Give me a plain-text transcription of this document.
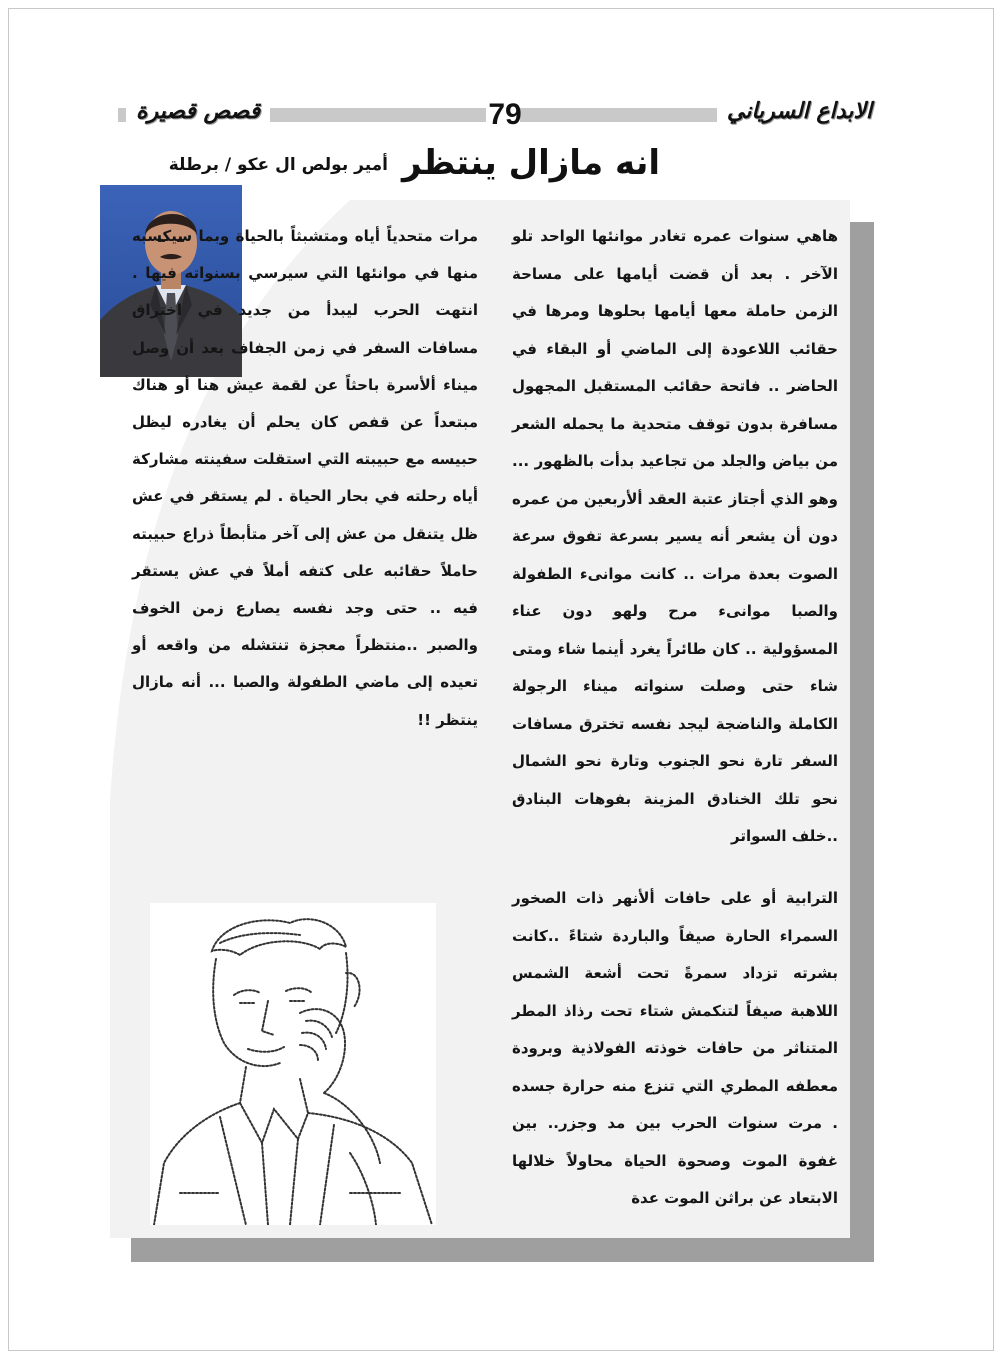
الابداع السرياني
قصص قصيرة	79
انه مازال ينتظر
أمير بولص ال عكو / برطلة

هاهي سنوات عمره تغادر موانئها الواحد تلو الآخر . بعد أن قضت أيامها على مساحة الزمن حاملة معها أيامها بحلوها ومرها في حقائب اللاعودة إلى الماضي أو البقاء في الحاضر .. فاتحة حقائب المستقبل المجهول مسافرة بدون توقف متحدية ما يحمله الشعر من بياض والجلد من تجاعيد بدأت بالظهور ... وهو الذي أجتاز عتبة العقد ألأربعين من عمره دون أن يشعر أنه يسير بسرعة تفوق سرعة الصوت بعدة مرات .. كانت موانىء الطفولة والصبا موانىء مرح ولهو دون عناء المسؤولية .. كان طائراً يغرد أينما شاء ومتى شاء حتى وصلت سنواته ميناء الرجولة الكاملة والناضجة ليجد نفسه تخترق مسافات السفر تارة نحو الجنوب وتارة نحو الشمال نحو تلك الخنادق المزينة بفوهات البنادق ..خلف السواتر

الترابية أو على حافات ألأنهر ذات الصخور السمراء الحارة صيفاً والباردة شتاءً ..كانت بشرته تزداد سمرةً تحت أشعة الشمس اللاهبة صيفاً لتنكمش شتاء تحت رذاذ المطر المتناثر من حافات خوذته الفولاذية وبرودة معطفه المطري التي تنزع منه حرارة جسده . مرت سنوات الحرب بين مد وجزر.. بين غفوة الموت وصحوة الحياة محاولاً خلالها الابتعاد عن براثن الموت عدة

مرات متحدياً أياه ومتشبثاً بالحياة وبما سيكسبه منها في موانئها التي سيرسي بسنواته فيها . انتهت الحرب ليبدأ من جديد في اختراق مسافات السفر في زمن الجفاف بعد أن وصل ميناء ألأسرة باحثاً عن لقمة عيش هنا أو هناك مبتعداً عن قفص كان يحلم أن يغادره ليظل حبيسه مع حبيبته التي استقلت سفينته مشاركة أياه رحلته في بحار الحياة . لم يستقر في عش ظل يتنقل من عش إلى آخر متأبطاً ذراع حبيبته حاملاً حقائبه على كتفه أملاً في عش يستقر فيه .. حتى وجد نفسه يصارع زمن الخوف والصبر ..منتظراً معجزة تنتشله من واقعه أو تعيده إلى ماضي الطفولة والصبا ... أنه مازال ينتظر !!
